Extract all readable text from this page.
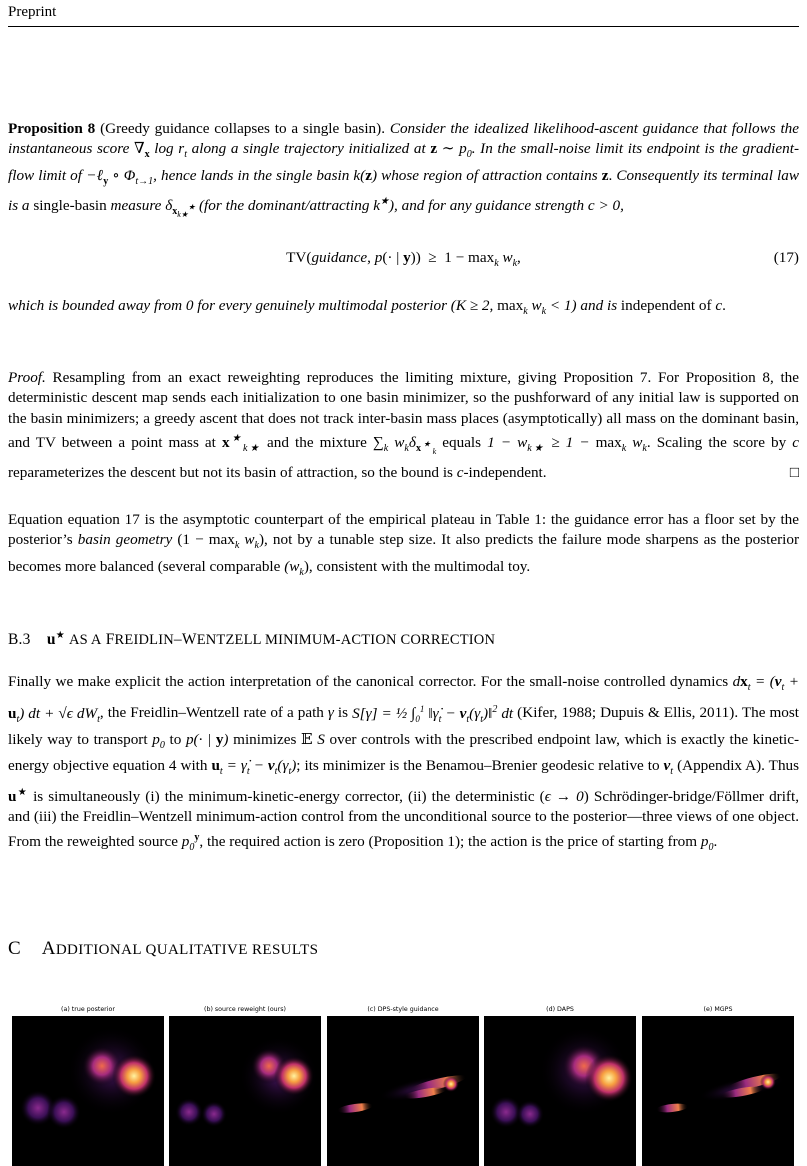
Preprint
Proposition 8 (Greedy guidance collapses to a single basin). Consider the idealized likelihood-ascent guidance that follows the instantaneous score $\nabla_x$ $\log r_t$ along a single trajectory initialized at z ∼ $p_0$. In the small-noise limit its endpoint is the gradient-flow limit of −ℓ$_y$ ∘ $\Phi_{t\to 1}$, hence lands in the single basin k(z) whose region of attraction contains z. Consequently its terminal law is a single-basin measure $\delta_{x_{k★}^★}$ (for the dominant/attracting k★), and for any guidance strength c > 0,
TV(guidance, p(· | $y)) \ge 1 - \max_k w_k$,	(17)
which is bounded away from 0 for every genuinely multimodal posterior (K ≥ 2, $\max_k w_k < 1$) and is independent of c.
Proof. Resampling from an exact reweighting reproduces the limiting mixture, giving Proposition 7. For Proposition 8, the deterministic descent map sends each initialization to one basin minimizer, so the pushforward of any initial law is supported on the basin minimizers; a greedy ascent that does not track inter-basin mass places (asymptotically) all mass on the dominant basin, and TV between a point mass at $x^★_{k★}$ and the mixture $\sum_k$ $w_k\delta_{x^★_k}$ equals $1 - w_{k★} \ge 1 - \max_k w_k$. Scaling the score by c reparameterizes the descent but not its basin of attraction, so the bound is c-independent.	□
Equation equation 17 is the asymptotic counterpart of the empirical plateau in Table 1: the guidance error has a floor set by the posterior’s basin geometry $(1 - \max_k w_k)$, not by a tunable step size. It also predicts the failure mode sharpens as the posterior becomes more balanced (several comparable $(w_k)$, consistent with the multimodal toy.
B.3 u★ AS A FREIDLIN–WENTZELL MINIMUM-ACTION CORRECTION
Finally we make explicit the action interpretation of the canonical corrector. For the small-noise controlled dynamics $dx_t = (v_t + u_t)$ dt + √ϵ $dW_t$, the Freidlin–Wentzell rate of a path γ is S[γ] = ½ $\int_0^1$ $‖\gammȧ_t$ − $v_t(\gamma_t)‖^2$ dt (Kifer, 1988; Dupuis & Ellis, 2011). The most likely way to transport $p_0$ to p(· | y) minimizes 𝔼 S over controls with the prescribed endpoint law, which is exactly the kinetic-energy objective equation 4 with $u_t$ = $\gammȧ_t - v_t(\gamma_t)$; its minimizer is the Benamou–Brenier geodesic relative to $v_t$ (Appendix A). Thus u★ is simultaneously (i) the minimum-kinetic-energy corrector, (ii) the deterministic (ϵ → 0) Schrödinger-bridge/Föllmer drift, and (iii) the Freidlin–Wentzell minimum-action control from the unconditional source to the posterior—three views of one object. From the reweighted source $p_0^y$, the required action is zero (Proposition 1); the action is the price of starting from $p_0$.
C ADDITIONAL QUALITATIVE RESULTS
(a) true posterior	(b) source reweight (ours)	(c) DPS-style guidance	(d) DAPS	(e) MGPS
